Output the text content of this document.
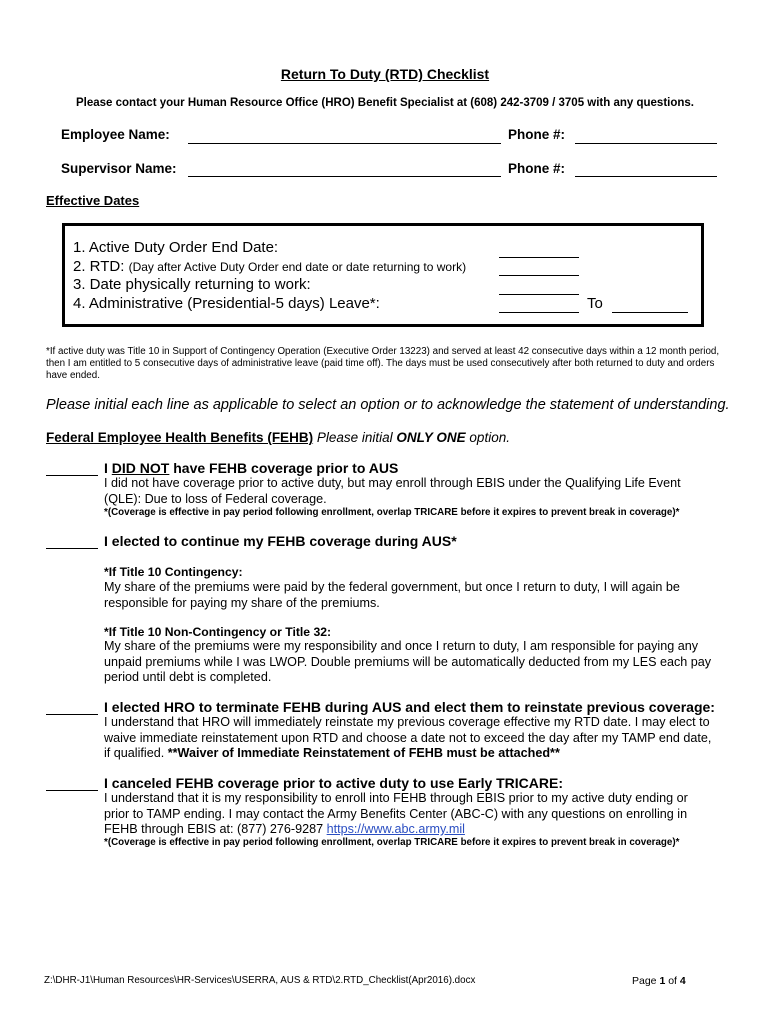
Return To Duty (RTD) Checklist
Please contact your Human Resource Office (HRO) Benefit Specialist at (608) 242-3709 / 3705 with any questions.
Employee Name:	Phone #:
Supervisor Name:	Phone #:
Effective Dates
1. Active Duty Order End Date:
2. RTD: (Day after Active Duty Order end date or date returning to work)
3. Date physically returning to work:
4. Administrative (Presidential-5 days) Leave*:	To
*If active duty was Title 10 in Support of Contingency Operation (Executive Order 13223) and served at least 42 consecutive days within a 12 month period, then I am entitled to 5 consecutive days of administrative leave (paid time off). The days must be used consecutively after both returned to duty and orders have ended.
Please initial each line as applicable to select an option or to acknowledge the statement of understanding.
Federal Employee Health Benefits (FEHB) Please initial ONLY ONE option.
I DID NOT have FEHB coverage prior to AUS
I did not have coverage prior to active duty, but may enroll through EBIS under the Qualifying Life Event (QLE): Due to loss of Federal coverage.
*(Coverage is effective in pay period following enrollment, overlap TRICARE before it expires to prevent break in coverage)*
I elected to continue my FEHB coverage during AUS*
*If Title 10 Contingency:
My share of the premiums were paid by the federal government, but once I return to duty, I will again be responsible for paying my share of the premiums.
*If Title 10 Non-Contingency or Title 32:
My share of the premiums were my responsibility and once I return to duty, I am responsible for paying any unpaid premiums while I was LWOP. Double premiums will be automatically deducted from my LES each pay period until debt is completed.
I elected HRO to terminate FEHB during AUS and elect them to reinstate previous coverage:
I understand that HRO will immediately reinstate my previous coverage effective my RTD date. I may elect to waive immediate reinstatement upon RTD and choose a date not to exceed the day after my TAMP end date, if qualified. **Waiver of Immediate Reinstatement of FEHB must be attached**
I canceled FEHB coverage prior to active duty to use Early TRICARE:
I understand that it is my responsibility to enroll into FEHB through EBIS prior to my active duty ending or prior to TAMP ending. I may contact the Army Benefits Center (ABC-C) with any questions on enrolling in FEHB through EBIS at: (877) 276-9287 https://www.abc.army.mil
*(Coverage is effective in pay period following enrollment, overlap TRICARE before it expires to prevent break in coverage)*
Z:\DHR-J1\Human Resources\HR-Services\USERRA, AUS & RTD\2.RTD_Checklist(Apr2016).docx	Page 1 of 4
